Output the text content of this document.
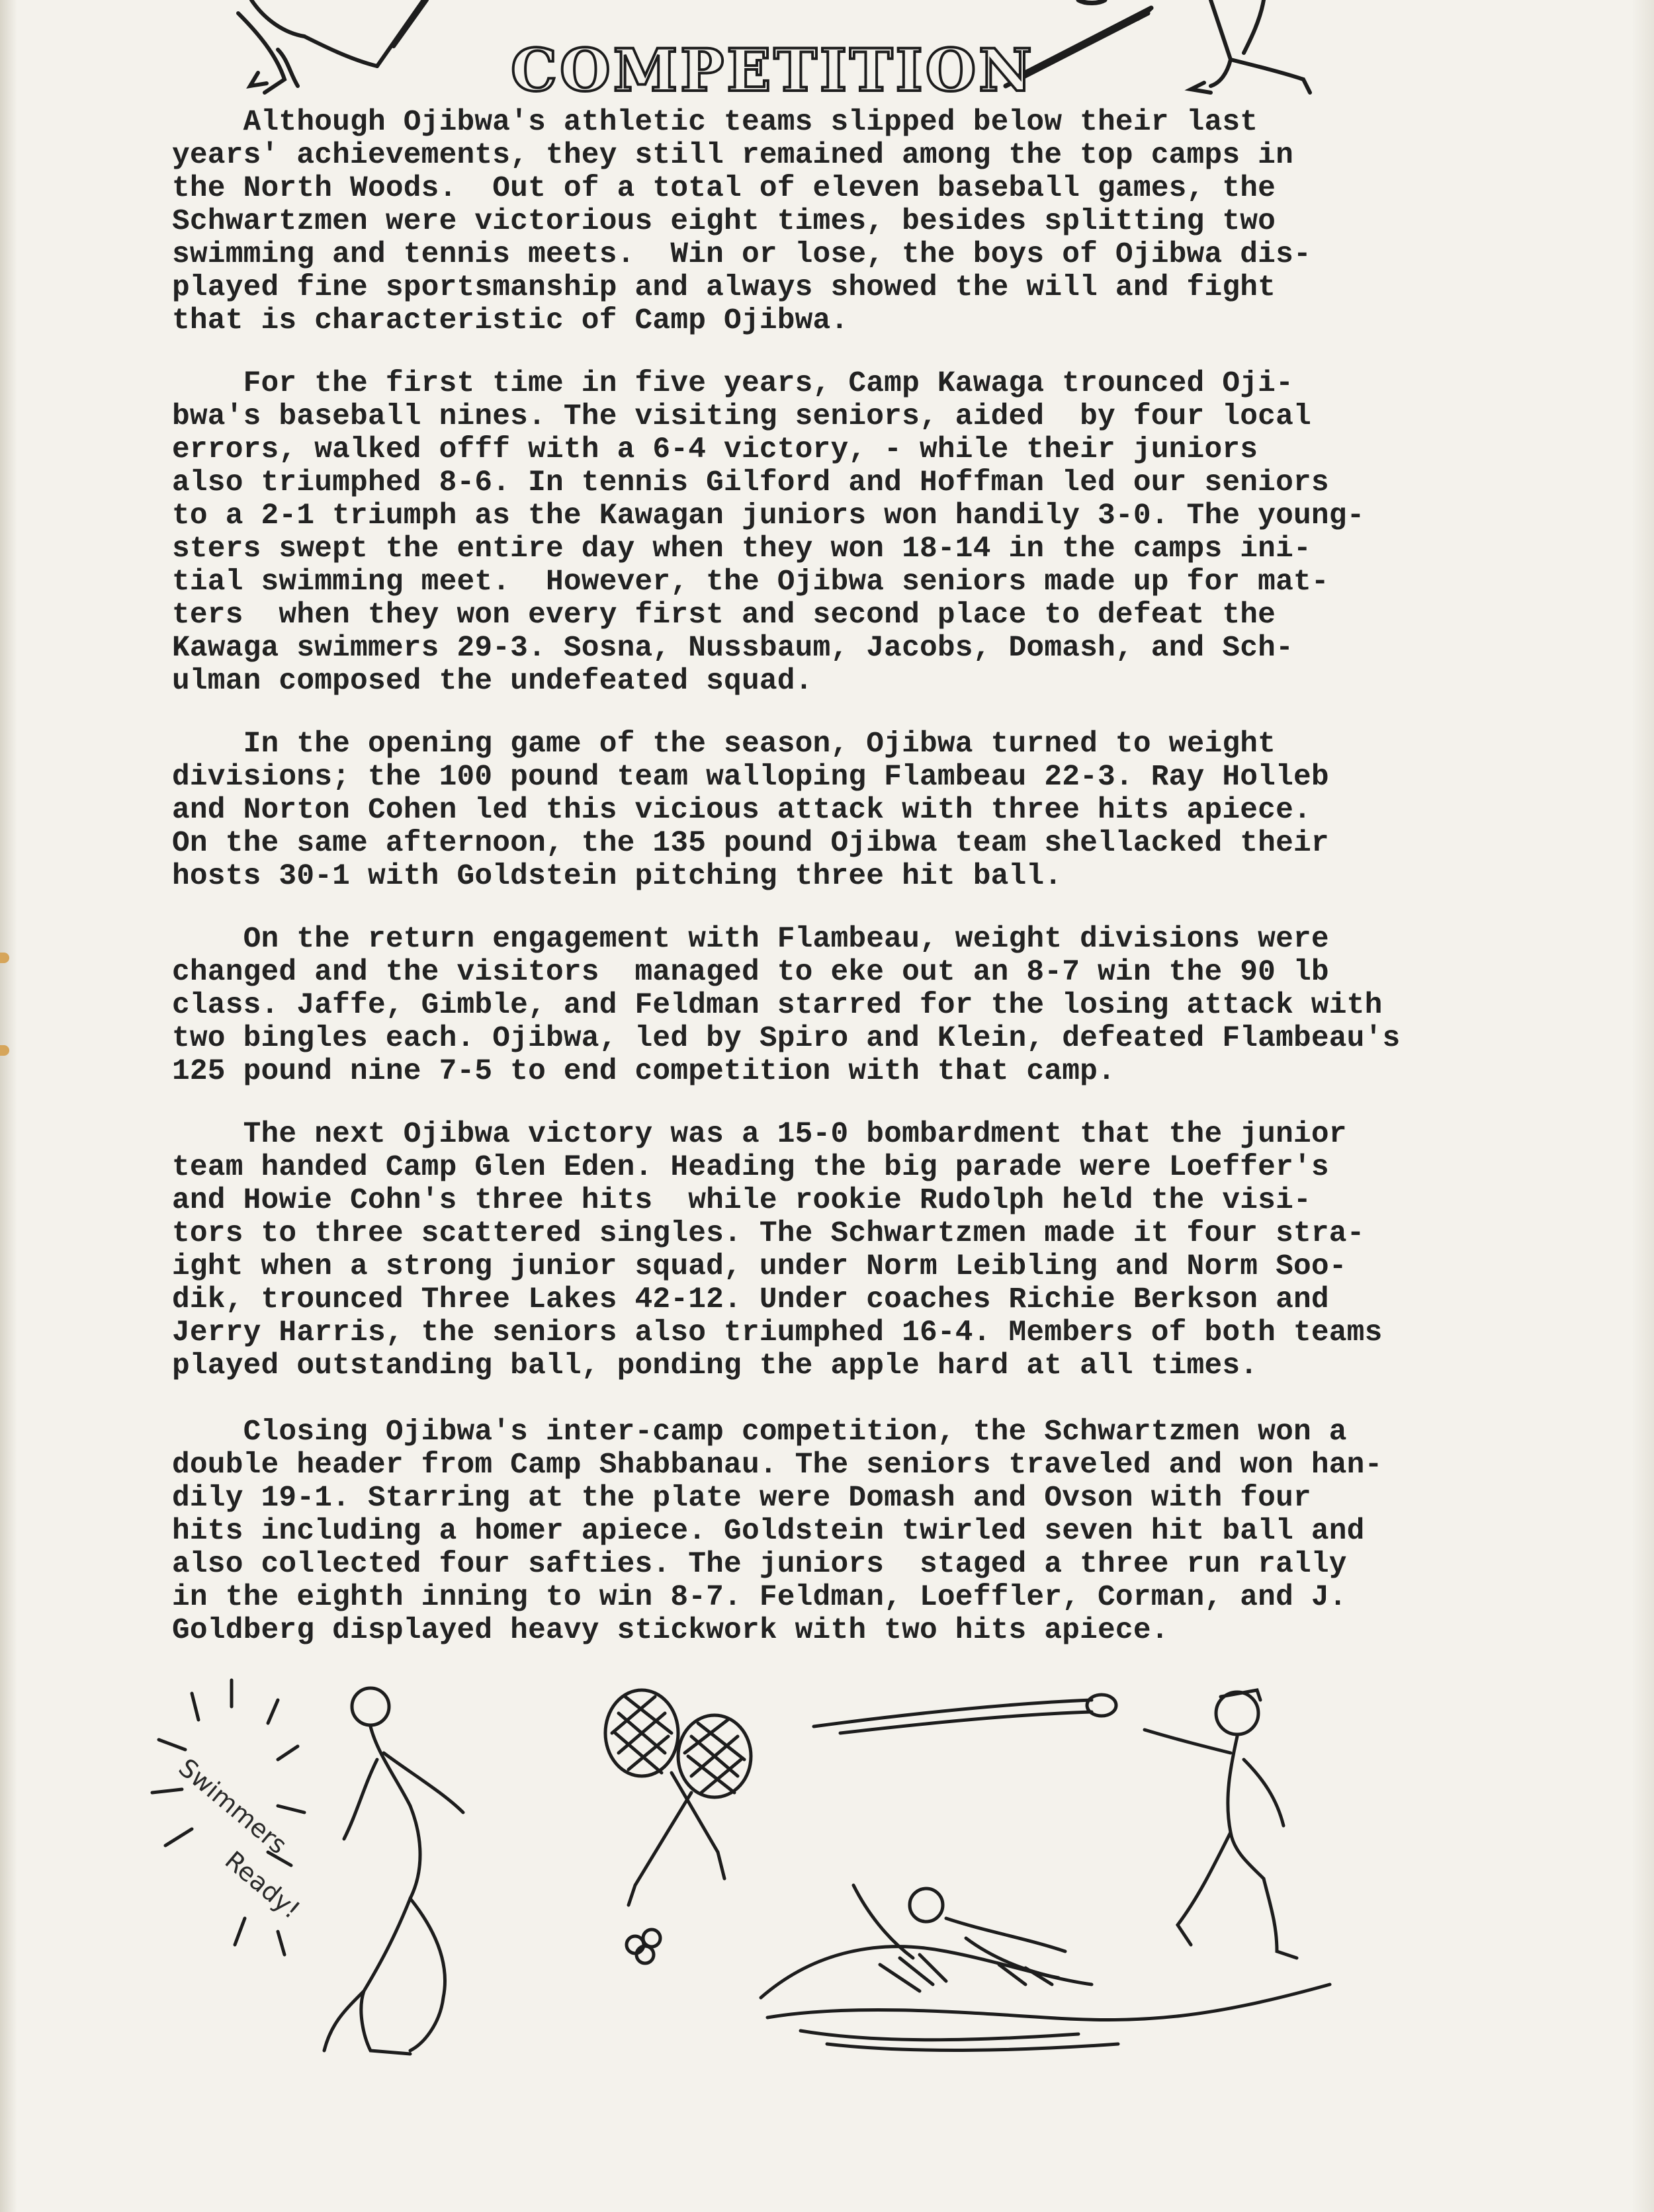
COMPETITION
Although Ojibwa's athletic teams slipped below their last
years' achievements, they still remained among the top camps in
the North Woods.  Out of a total of eleven baseball games, the
Schwartzmen were victorious eight times, besides splitting two
swimming and tennis meets.  Win or lose, the boys of Ojibwa dis-
played fine sportsmanship and always showed the will and fight
that is characteristic of Camp Ojibwa.
For the first time in five years, Camp Kawaga trounced Oji-
bwa's baseball nines. The visiting seniors, aided  by four local
errors, walked offf with a 6-4 victory, - while their juniors
also triumphed 8-6. In tennis Gilford and Hoffman led our seniors
to a 2-1 triumph as the Kawagan juniors won handily 3-0. The young-
sters swept the entire day when they won 18-14 in the camps ini-
tial swimming meet.  However, the Ojibwa seniors made up for mat-
ters  when they won every first and second place to defeat the
Kawaga swimmers 29-3. Sosna, Nussbaum, Jacobs, Domash, and Sch-
ulman composed the undefeated squad.
In the opening game of the season, Ojibwa turned to weight
divisions; the 100 pound team walloping Flambeau 22-3. Ray Holleb
and Norton Cohen led this vicious attack with three hits apiece.
On the same afternoon, the 135 pound Ojibwa team shellacked their
hosts 30-1 with Goldstein pitching three hit ball.
On the return engagement with Flambeau, weight divisions were
changed and the visitors  managed to eke out an 8-7 win the 90 lb
class. Jaffe, Gimble, and Feldman starred for the losing attack with
two bingles each. Ojibwa, led by Spiro and Klein, defeated Flambeau's
125 pound nine 7-5 to end competition with that camp.
The next Ojibwa victory was a 15-0 bombardment that the junior
team handed Camp Glen Eden. Heading the big parade were Loeffer's
and Howie Cohn's three hits  while rookie Rudolph held the visi-
tors to three scattered singles. The Schwartzmen made it four stra-
ight when a strong junior squad, under Norm Leibling and Norm Soo-
dik, trounced Three Lakes 42-12. Under coaches Richie Berkson and
Jerry Harris, the seniors also triumphed 16-4. Members of both teams
played outstanding ball, ponding the apple hard at all times.
Closing Ojibwa's inter-camp competition, the Schwartzmen won a
double header from Camp Shabbanau. The seniors traveled and won han-
dily 19-1. Starring at the plate were Domash and Ovson with four
hits including a homer apiece. Goldstein twirled seven hit ball and
also collected four safties. The juniors  staged a three run rally
in the eighth inning to win 8-7. Feldman, Loeffler, Corman, and J.
Goldberg displayed heavy stickwork with two hits apiece.
Swimmers
Ready!
